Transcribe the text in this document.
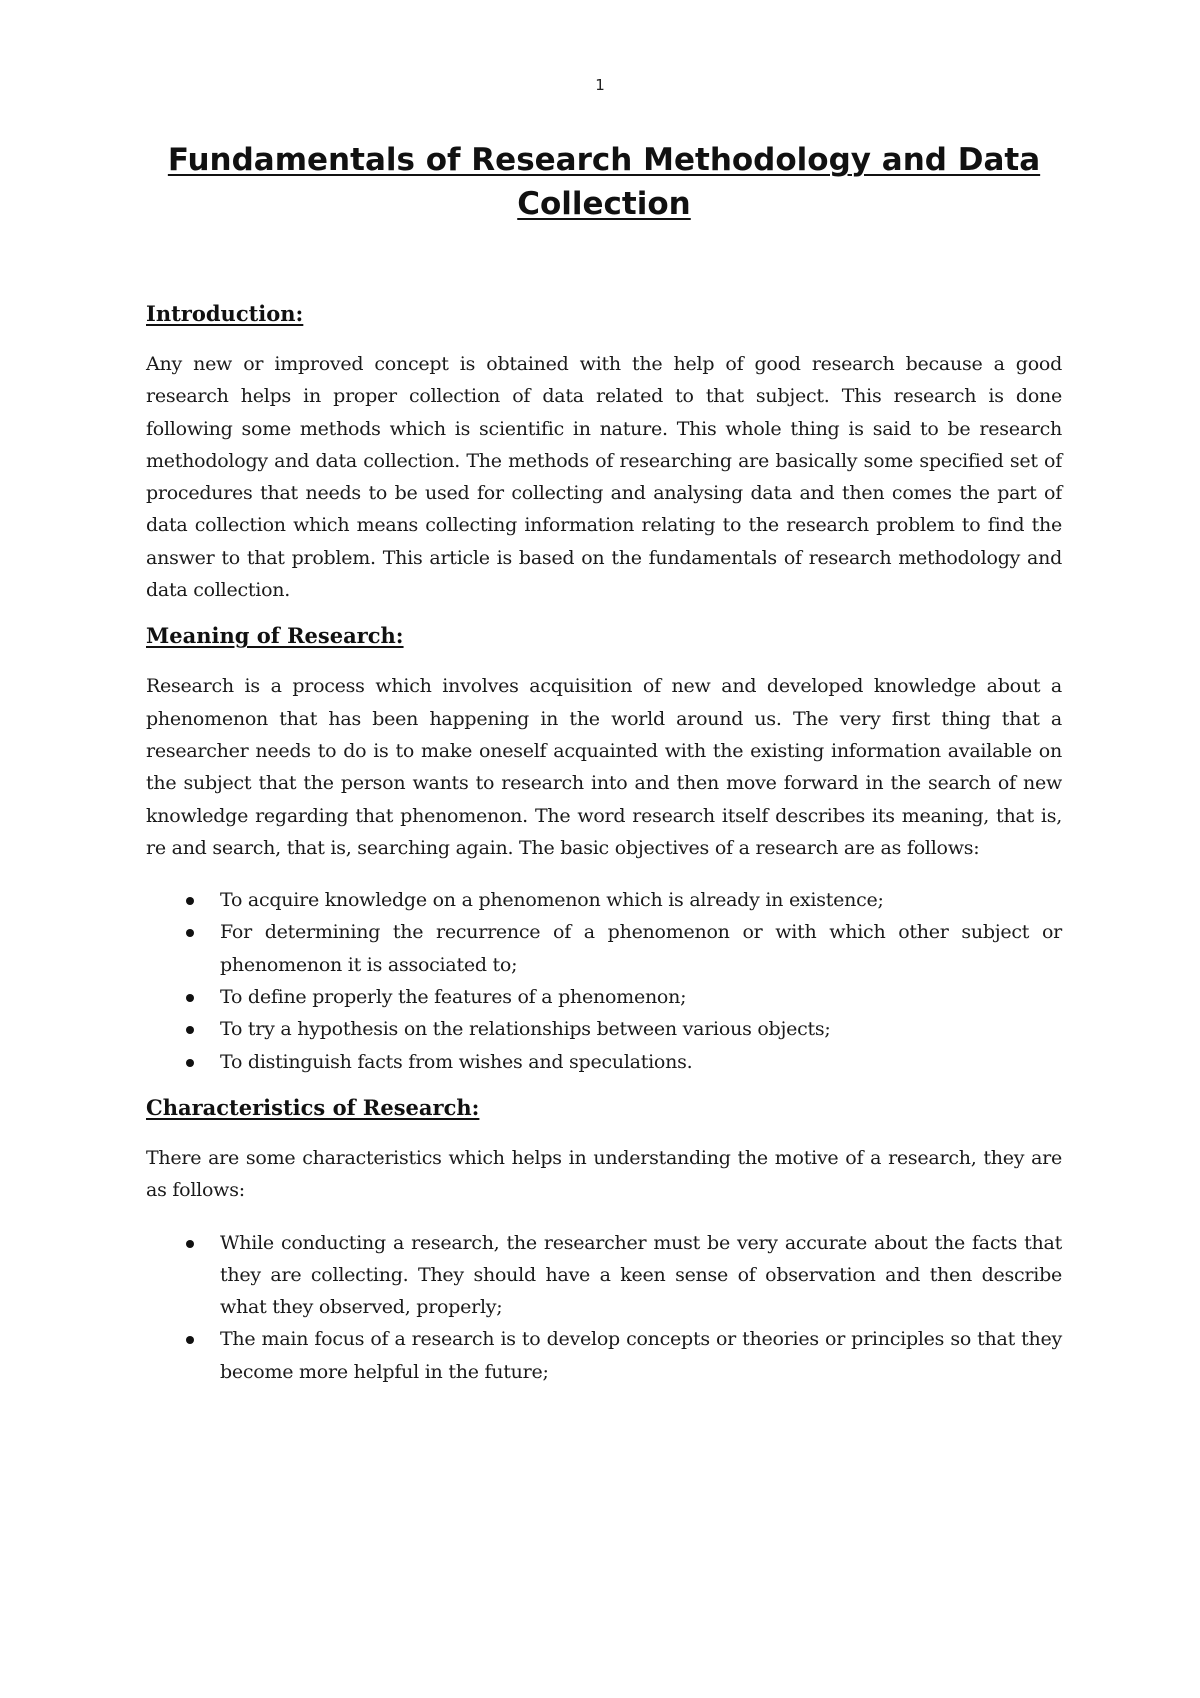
1
Fundamentals of Research Methodology and Data Collection
Introduction:

Any new or improved concept is obtained with the help of good research because a good research helps in proper collection of data related to that subject. This research is done following some methods which is scientific in nature. This whole thing is said to be research methodology and data collection. The methods of researching are basically some specified set of procedures that needs to be used for collecting and analysing data and then comes the part of data collection which means collecting information relating to the research problem to find the answer to that problem. This article is based on the fundamentals of research methodology and data collection.

Meaning of Research:

Research is a process which involves acquisition of new and developed knowledge about a phenomenon that has been happening in the world around us. The very first thing that a researcher needs to do is to make oneself acquainted with the existing information available on the subject that the person wants to research into and then move forward in the search of new knowledge regarding that phenomenon. The word research itself describes its meaning, that is, re and search, that is, searching again. The basic objectives of a research are as follows:

To acquire knowledge on a phenomenon which is already in existence;
For determining the recurrence of a phenomenon or with which other subject or phenomenon it is associated to;
To define properly the features of a phenomenon;
To try a hypothesis on the relationships between various objects;
To distinguish facts from wishes and speculations.
Characteristics of Research:

There are some characteristics which helps in understanding the motive of a research, they are as follows:

While conducting a research, the researcher must be very accurate about the facts that they are collecting. They should have a keen sense of observation and then describe what they observed, properly;
The main focus of a research is to develop concepts or theories or principles so that they become more helpful in the future;
